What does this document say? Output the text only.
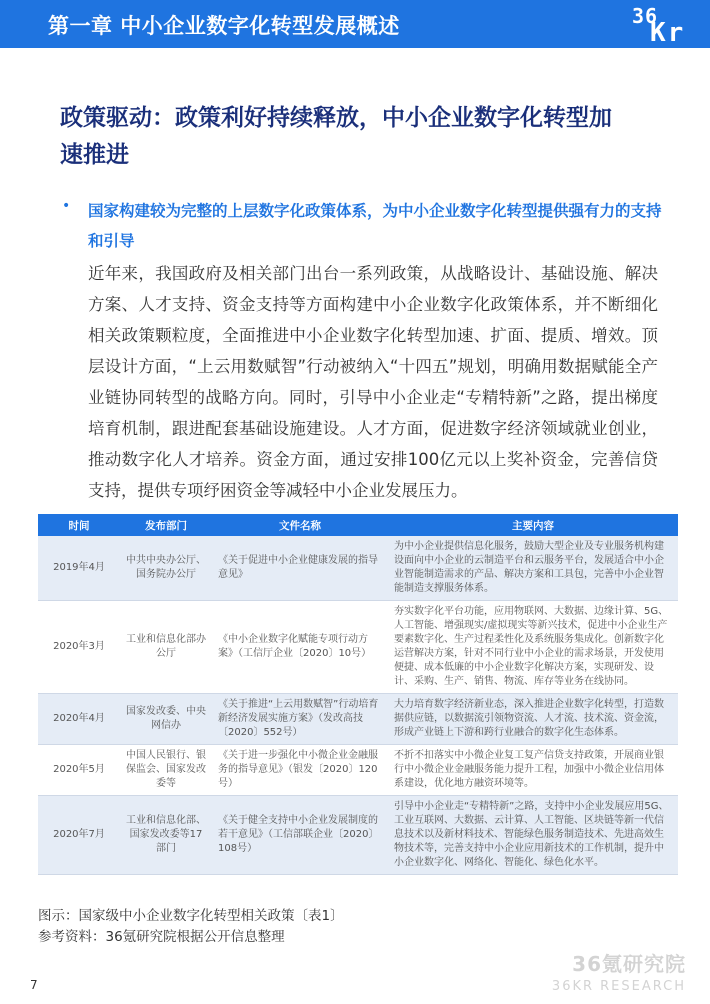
第一章 中小企业数字化转型发展概述	36
Kr
政策驱动：政策利好持续释放，中小企业数字化转型加
速推进
• 国家构建较为完整的上层数字化政策体系，为中小企业数字化转型提供强有力的支持和引导
近年来，我国政府及相关部门出台一系列政策，从战略设计、基础设施、解决方案、人才支持、资金支持等方面构建中小企业数字化政策体系，并不断细化相关政策颗粒度，全面推进中小企业数字化转型加速、扩面、提质、增效。顶层设计方面，“上云用数赋智”行动被纳入“十四五”规划，明确用数据赋能全产业链协同转型的战略方向。同时，引导中小企业走“专精特新”之路，提出梯度培育机制，跟进配套基础设施建设。人才方面，促进数字经济领域就业创业，推动数字化人才培养。资金方面，通过安排100亿元以上奖补资金，完善信贷支持，提供专项纾困资金等减轻中小企业发展压力。
时间	发布部门	文件名称	主要内容
2019年4月	中共中央办公厅、国务院办公厅	《关于促进中小企业健康发展的指导意见》	为中小企业提供信息化服务，鼓励大型企业及专业服务机构建设面向中小企业的云制造平台和云服务平台，发展适合中小企业智能制造需求的产品、解决方案和工具包，完善中小企业智能制造支撑服务体系。
2020年3月	工业和信息化部办公厅	《中小企业数字化赋能专项行动方案》（工信厅企业〔2020〕10号）	夯实数字化平台功能，应用物联网、大数据、边缘计算、5G、人工智能、增强现实/虚拟现实等新兴技术，促进中小企业生产要素数字化、生产过程柔性化及系统服务集成化。创新数字化运营解决方案，针对不同行业中小企业的需求场景，开发使用便捷、成本低廉的中小企业数字化解决方案，实现研发、设计、采购、生产、销售、物流、库存等业务在线协同。
2020年4月	国家发改委、中央网信办	《关于推进“上云用数赋智”行动培育新经济发展实施方案》（发改高技〔2020〕552号）	大力培育数字经济新业态，深入推进企业数字化转型，打造数据供应链，以数据流引领物资流、人才流、技术流、资金流，形成产业链上下游和跨行业融合的数字化生态体系。
2020年5月	中国人民银行、银保监会、国家发改委等	《关于进一步强化中小微企业金融服务的指导意见》（银发〔2020〕120号）	不折不扣落实中小微企业复工复产信贷支持政策，开展商业银行中小微企业金融服务能力提升工程，加强中小微企业信用体系建设，优化地方融资环境等。
2020年7月	工业和信息化部、国家发改委等17部门	《关于健全支持中小企业发展制度的若干意见》（工信部联企业〔2020〕108号）	引导中小企业走“专精特新”之路，支持中小企业发展应用5G、工业互联网、大数据、云计算、人工智能、区块链等新一代信息技术以及新材料技术、智能绿色服务制造技术、先进高效生物技术等，完善支持中小企业应用新技术的工作机制，提升中小企业数字化、网络化、智能化、绿色化水平。
图示：国家级中小企业数字化转型相关政策〔表1〕
参考资料：36氪研究院根据公开信息整理
36氪研究院
36KR RESEARCH
7
